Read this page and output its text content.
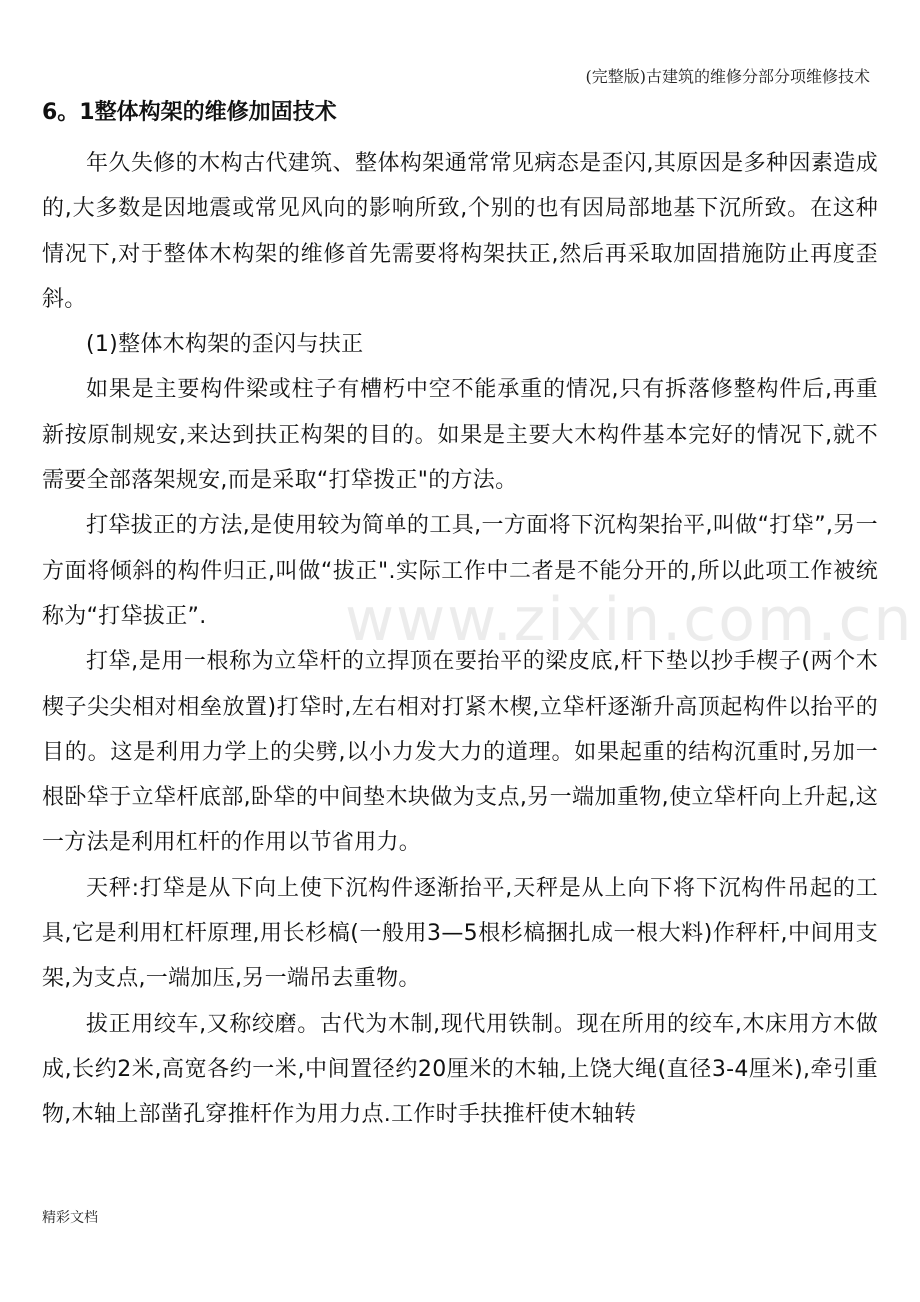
(完整版)古建筑的维修分部分项维修技术
www.zixin.com.cn
6。1整体构架的维修加固技术

年久失修的木构古代建筑、整体构架通常常见病态是歪闪,其原因是多种因素造成的,大多数是因地震或常见风向的影响所致,个别的也有因局部地基下沉所致。在这种情况下,对于整体木构架的维修首先需要将构架扶正,然后再采取加固措施防止再度歪斜。

(1)整体木构架的歪闪与扶正

如果是主要构件梁或柱子有槽朽中空不能承重的情况,只有拆落修整构件后,再重新按原制规安,来达到扶正构架的目的。如果是主要大木构件基本完好的情况下,就不需要全部落架规安,而是采取“打牮拨正"的方法。

打牮拔正的方法,是使用较为简单的工具,一方面将下沉构架抬平,叫做“打牮”,另一方面将倾斜的构件归正,叫做“拔正".实际工作中二者是不能分开的,所以此项工作被统称为“打牮拔正”.

打牮,是用一根称为立牮杆的立捍顶在要抬平的梁皮底,杆下垫以抄手楔子(两个木楔子尖尖相对相垒放置)打牮时,左右相对打紧木楔,立牮杆逐渐升高顶起构件以抬平的目的。这是利用力学上的尖劈,以小力发大力的道理。如果起重的结构沉重时,另加一根卧牮于立牮杆底部,卧牮的中间垫木块做为支点,另一端加重物,使立牮杆向上升起,这一方法是利用杠杆的作用以节省用力。

天秤:打牮是从下向上使下沉构件逐渐抬平,天秤是从上向下将下沉构件吊起的工具,它是利用杠杆原理,用长杉槁(一般用3—5根杉槁捆扎成一根大料)作秤杆,中间用支架,为支点,一端加压,另一端吊去重物。

拔正用绞车,又称绞磨。古代为木制,现代用铁制。现在所用的绞车,木床用方木做成,长约2米,高宽各约一米,中间置径约20厘米的木轴,上饶大绳(直径3-4厘米),牵引重物,木轴上部凿孔穿推杆作为用力点.工作时手扶推杆使木轴转

精彩文档
